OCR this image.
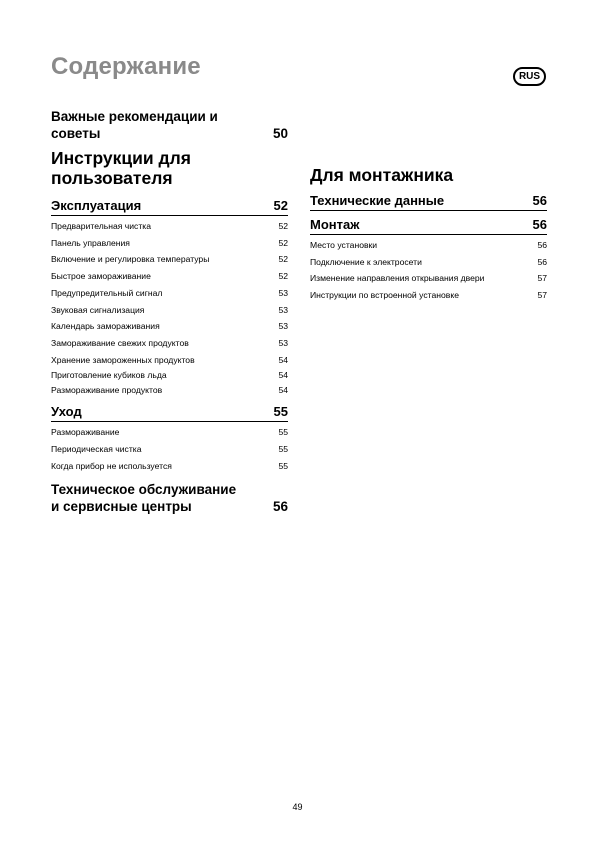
Содержание	RUS
Важные рекомендации и
советы	50
Инструкции для
пользователя
Эксплуатация	52
Предварительная чистка	52
Панель управления	52
Включение и регулировка температуры	52
Быстрое замораживание	52
Предупредительный сигнал	53
Звуковая сигнализация	53
Календарь замораживания	53
Замораживание свежих продуктов	53
Хранение замороженных продуктов	54
Приготовление кубиков льда	54
Размораживание продуктов	54
Уход	55
Размораживание	55
Периодическая чистка	55
Когда прибор не используется	55
Техническое обслуживание
и сервисные центры	56
Для монтажника
Технические данные	56
Монтаж	56
Место установки	56
Подключение к электросети	56
Изменение направления открывания двери	57
Инструкции по встроенной установке	57
49
